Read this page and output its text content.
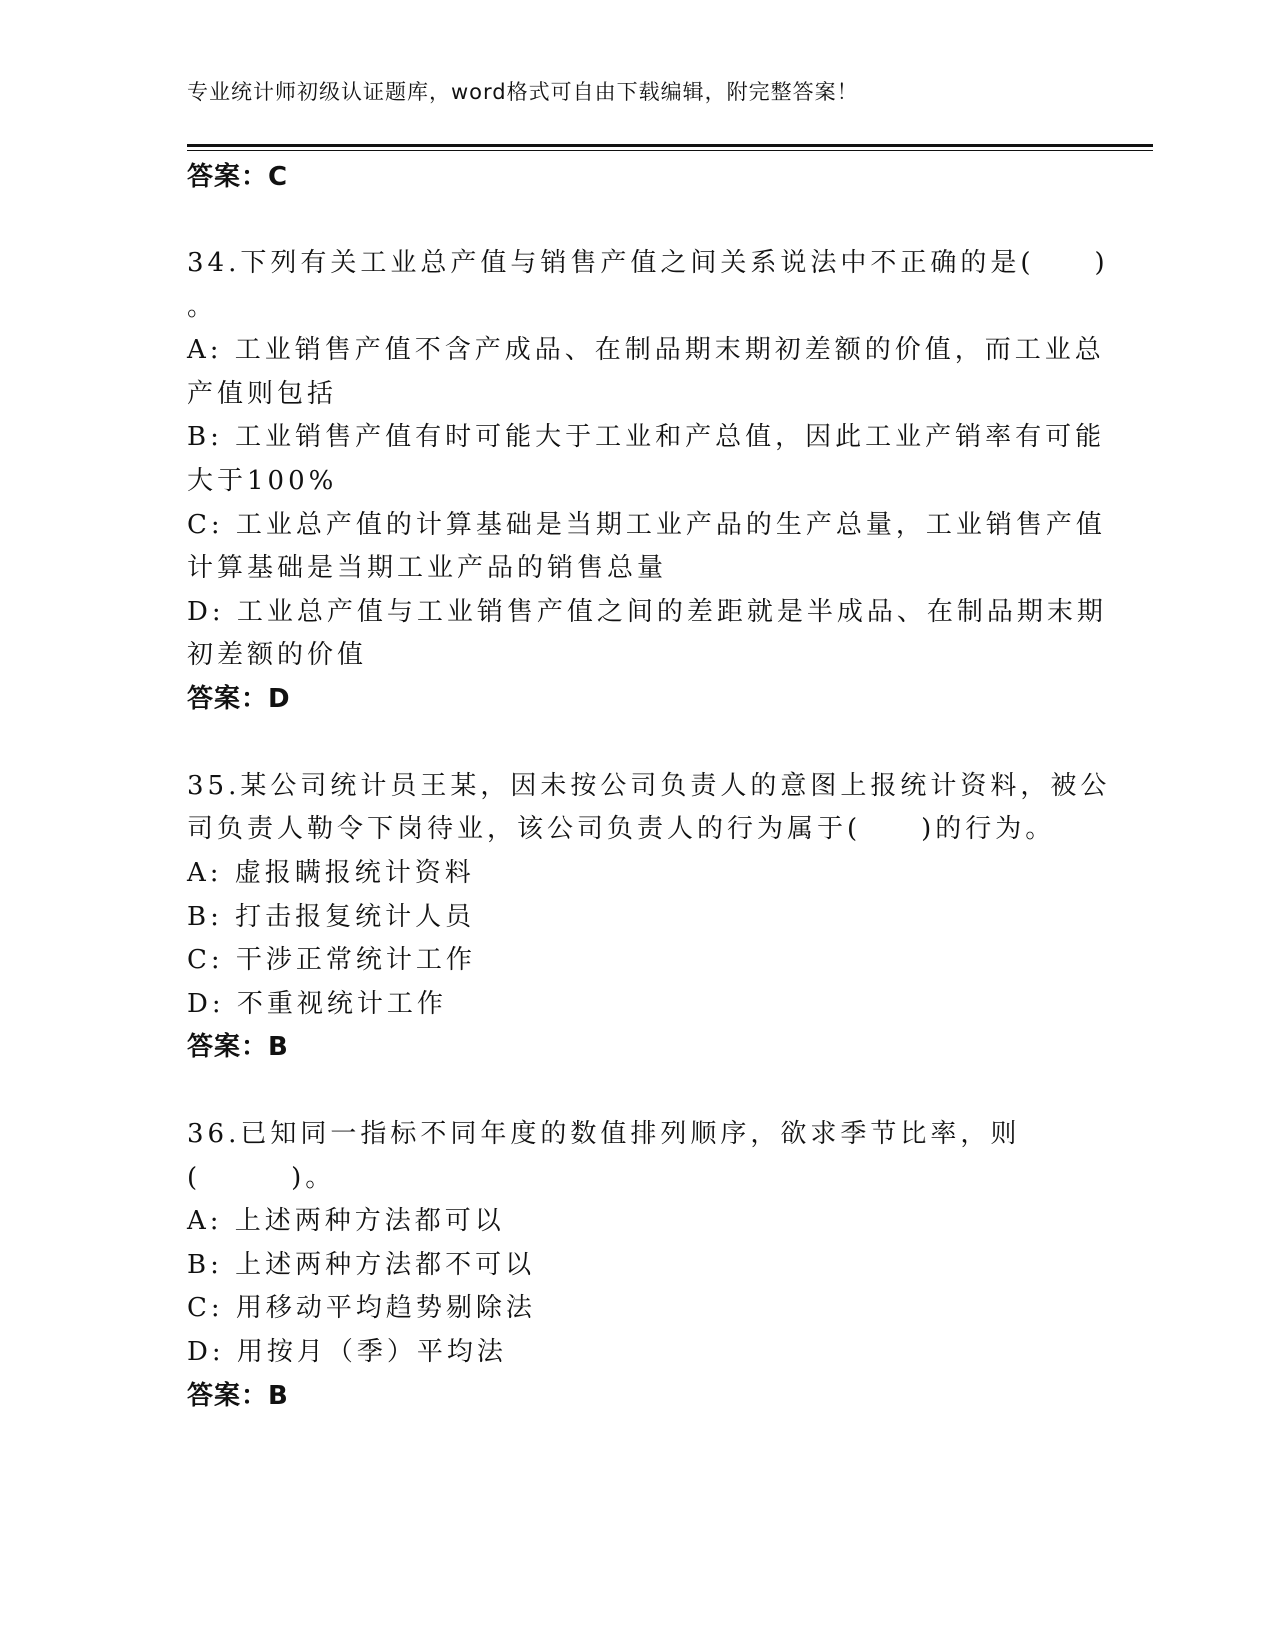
专业统计师初级认证题库，word格式可自由下载编辑，附完整答案！
答案：C
34.下列有关工业总产值与销售产值之间关系说法中不正确的是(　　)
。
A: 工业销售产值不含产成品、在制品期末期初差额的价值，而工业总
产值则包括
B: 工业销售产值有时可能大于工业和产总值，因此工业产销率有可能
大于100%
C: 工业总产值的计算基础是当期工业产品的生产总量，工业销售产值
计算基础是当期工业产品的销售总量
D: 工业总产值与工业销售产值之间的差距就是半成品、在制品期末期
初差额的价值
答案：D
35.某公司统计员王某，因未按公司负责人的意图上报统计资料，被公
司负责人勒令下岗待业，该公司负责人的行为属于(　　)的行为。
A: 虚报瞒报统计资料
B: 打击报复统计人员
C: 干涉正常统计工作
D: 不重视统计工作
答案：B
36.已知同一指标不同年度的数值排列顺序，欲求季节比率，则
(　　　)。
A: 上述两种方法都可以
B: 上述两种方法都不可以
C: 用移动平均趋势剔除法
D: 用按月（季）平均法
答案：B
